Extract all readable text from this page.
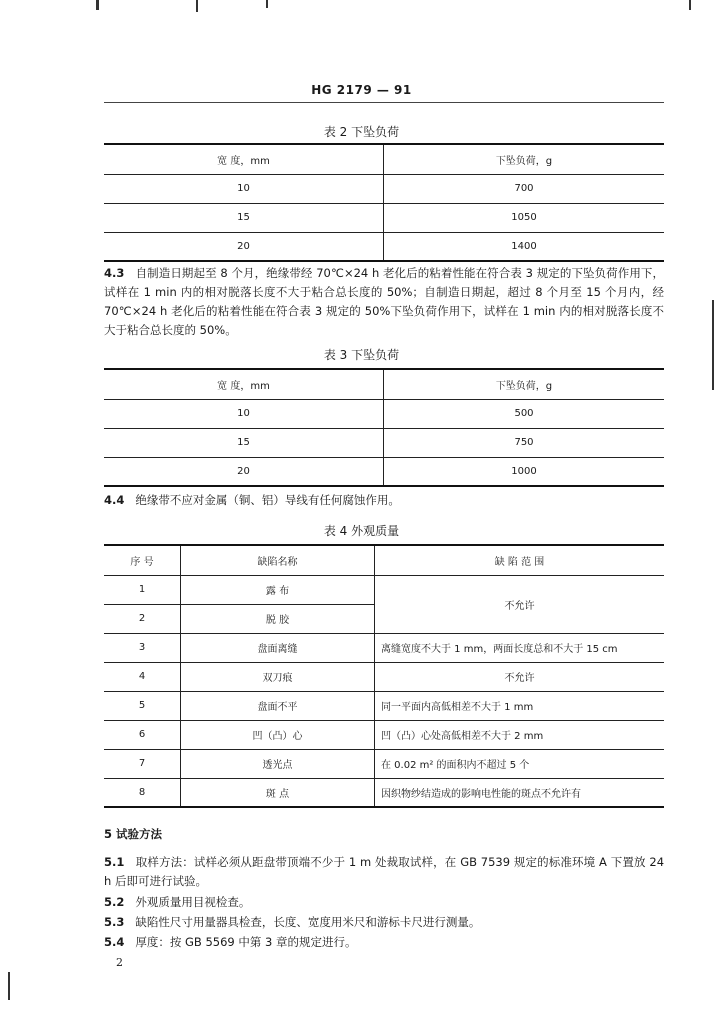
HG 2179 — 91
表 2 下坠负荷
宽 度，mm	下坠负荷，g
10	700
15	1050
20	1400
4.3 自制造日期起至 8 个月，绝缘带经 70℃×24 h 老化后的粘着性能在符合表 3 规定的下坠负荷作用下，试样在 1 min 内的相对脱落长度不大于粘合总长度的 50%；自制造日期起，超过 8 个月至 15 个月内，经 70℃×24 h 老化后的粘着性能在符合表 3 规定的 50%下坠负荷作用下，试样在 1 min 内的相对脱落长度不大于粘合总长度的 50%。
表 3 下坠负荷
宽 度，mm	下坠负荷，g
10	500
15	750
20	1000
4.4 绝缘带不应对金属（铜、铝）导线有任何腐蚀作用。
表 4 外观质量
序 号	缺陷名称	缺 陷 范 围
1	露 布	不允许
2	脱 胶	
3	盘面离缝	离缝宽度不大于 1 mm，两面长度总和不大于 15 cm
4	双刀痕	不允许
5	盘面不平	同一平面内高低相差不大于 1 mm
6	凹（凸）心	凹（凸）心处高低相差不大于 2 mm
7	透光点	在 0.02 m² 的面积内不超过 5 个
8	斑 点	因织物纱结造成的影响电性能的斑点不允许有
5 试验方法
5.1 取样方法：试样必须从距盘带顶端不少于 1 m 处裁取试样，在 GB 7539 规定的标准环境 A 下置放 24 h 后即可进行试验。
5.2 外观质量用目视检查。
5.3 缺陷性尺寸用量器具检查，长度、宽度用米尺和游标卡尺进行测量。
5.4 厚度：按 GB 5569 中第 3 章的规定进行。
2
